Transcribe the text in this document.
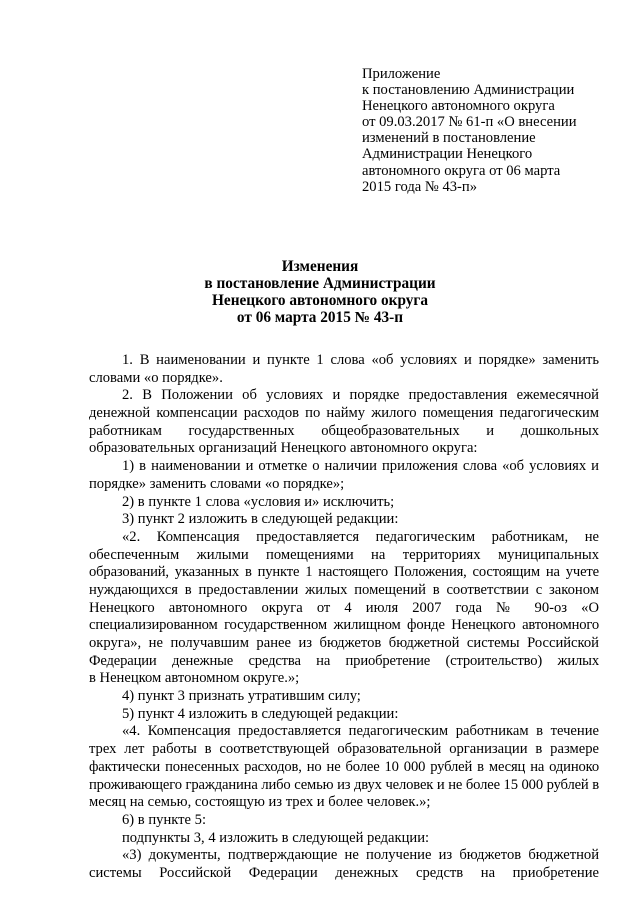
Приложение
к постановлению Администрации
Ненецкого автономного округа
от 09.03.2017 № 61-п «О внесении
изменений в постановление
Администрации Ненецкого
автономного округа от 06 марта
2015 года № 43-п»
Изменения
в постановление Администрации
Ненецкого автономного округа
от 06 марта 2015 № 43-п
1. В наименовании и пункте 1 слова «об условиях и порядке» заменить
словами «о порядке».
2. В Положении об условиях и порядке предоставления ежемесячной
денежной компенсации расходов по найму жилого помещения педагогическим
работникам государственных общеобразовательных и дошкольных
образовательных организаций Ненецкого автономного округа:
1) в наименовании и отметке о наличии приложения слова «об условиях и
порядке» заменить словами «о порядке»;
2) в пункте 1 слова «условия и» исключить;
3) пункт 2 изложить в следующей редакции:
«2. Компенсация предоставляется педагогическим работникам, не
обеспеченным жилыми помещениями на территориях муниципальных
образований, указанных в пункте 1 настоящего Положения, состоящим на учете
нуждающихся в предоставлении жилых помещений в соответствии с законом
Ненецкого автономного округа от 4 июля 2007 года № 90-оз «О
специализированном государственном жилищном фонде Ненецкого автономного
округа», не получавшим ранее из бюджетов бюджетной системы Российской
Федерации денежные средства на приобретение (строительство) жилых
в Ненецком автономном округе.»;
4) пункт 3 признать утратившим силу;
5) пункт 4 изложить в следующей редакции:
«4. Компенсация предоставляется педагогическим работникам в течение
трех лет работы в соответствующей образовательной организации в размере
фактически понесенных расходов, но не более 10 000 рублей в месяц на одиноко
проживающего гражданина либо семью из двух человек и не более 15 000 рублей в
месяц на семью, состоящую из трех и более человек.»;
6) в пункте 5:
подпункты 3, 4 изложить в следующей редакции:
«3) документы, подтверждающие не получение из бюджетов бюджетной
системы Российской Федерации денежных средств на приобретение
